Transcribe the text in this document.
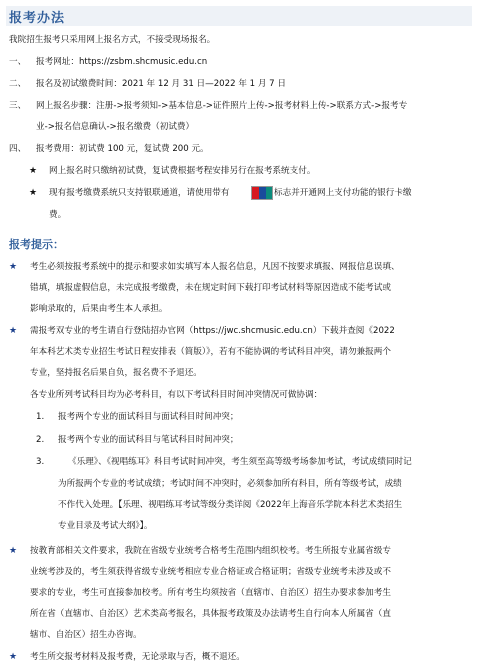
报考办法
我院招生报考只采用网上报名方式，不接受现场报名。
一、 报考网址：https://zsbm.shcmusic.edu.cn
二、 报名及初试缴费时间：2021 年 12 月 31 日—2022 年 1 月 7 日
三、 网上报名步骤：注册->报考须知->基本信息->证件照片上传->报考材料上传->联系方式->报考专
业->报名信息确认->报名缴费（初试费）
四、 报考费用：初试费 100 元，复试费 200 元。
★ 网上报名时只缴纳初试费，复试费根据考程安排另行在报考系统支付。
★ 现有报考缴费系统只支持银联通道，请使用带有	标志并开通网上支付功能的银行卡缴
费。
报考提示：
★ 考生必须按报考系统中的提示和要求如实填写本人报名信息，凡因不按要求填报、网报信息误填、
错填，填报虚假信息，未完成报考缴费，未在规定时间下载打印考试材料等原因造成不能考试或
影响录取的，后果由考生本人承担。
★ 需报考双专业的考生请自行登陆招办官网（https://jwc.shcmusic.edu.cn）下载并查阅《2022
年本科艺术类专业招生考试日程安排表（简版）》，若有不能协调的考试科目冲突，请勿兼报两个
专业，坚持报名后果自负，报名费不予退还。
各专业所列考试科目均为必考科目，有以下考试科目时间冲突情况可做协调：
1. 报考两个专业的面试科目与面试科目时间冲突；
2. 报考两个专业的面试科目与笔试科目时间冲突；
3.	《乐理》、《视唱练耳》科目考试时间冲突，考生须至高等级考场参加考试，考试成绩同时记
为所报两个专业的考试成绩；考试时间不冲突时，必须参加所有科目，所有等级考试，成绩
不作代入处理。【乐理、视唱练耳考试等级分类详阅《2022年上海音乐学院本科艺术类招生
专业目录及考试大纲》】。
★ 按教育部相关文件要求，我院在省级专业统考合格考生范围内组织校考。考生所报专业属省级专
业统考涉及的，考生须获得省级专业统考相应专业合格证或合格证明；省级专业统考未涉及或不
要求的专业，考生可直接参加校考。所有考生均须按省（直辖市、自治区）招生办要求参加考生
所在省（直辖市、自治区）艺术类高考报名，具体报考政策及办法请考生自行向本人所属省（直
辖市、自治区）招生办咨询。
★ 考生所交报考材料及报考费，无论录取与否，概不退还。
